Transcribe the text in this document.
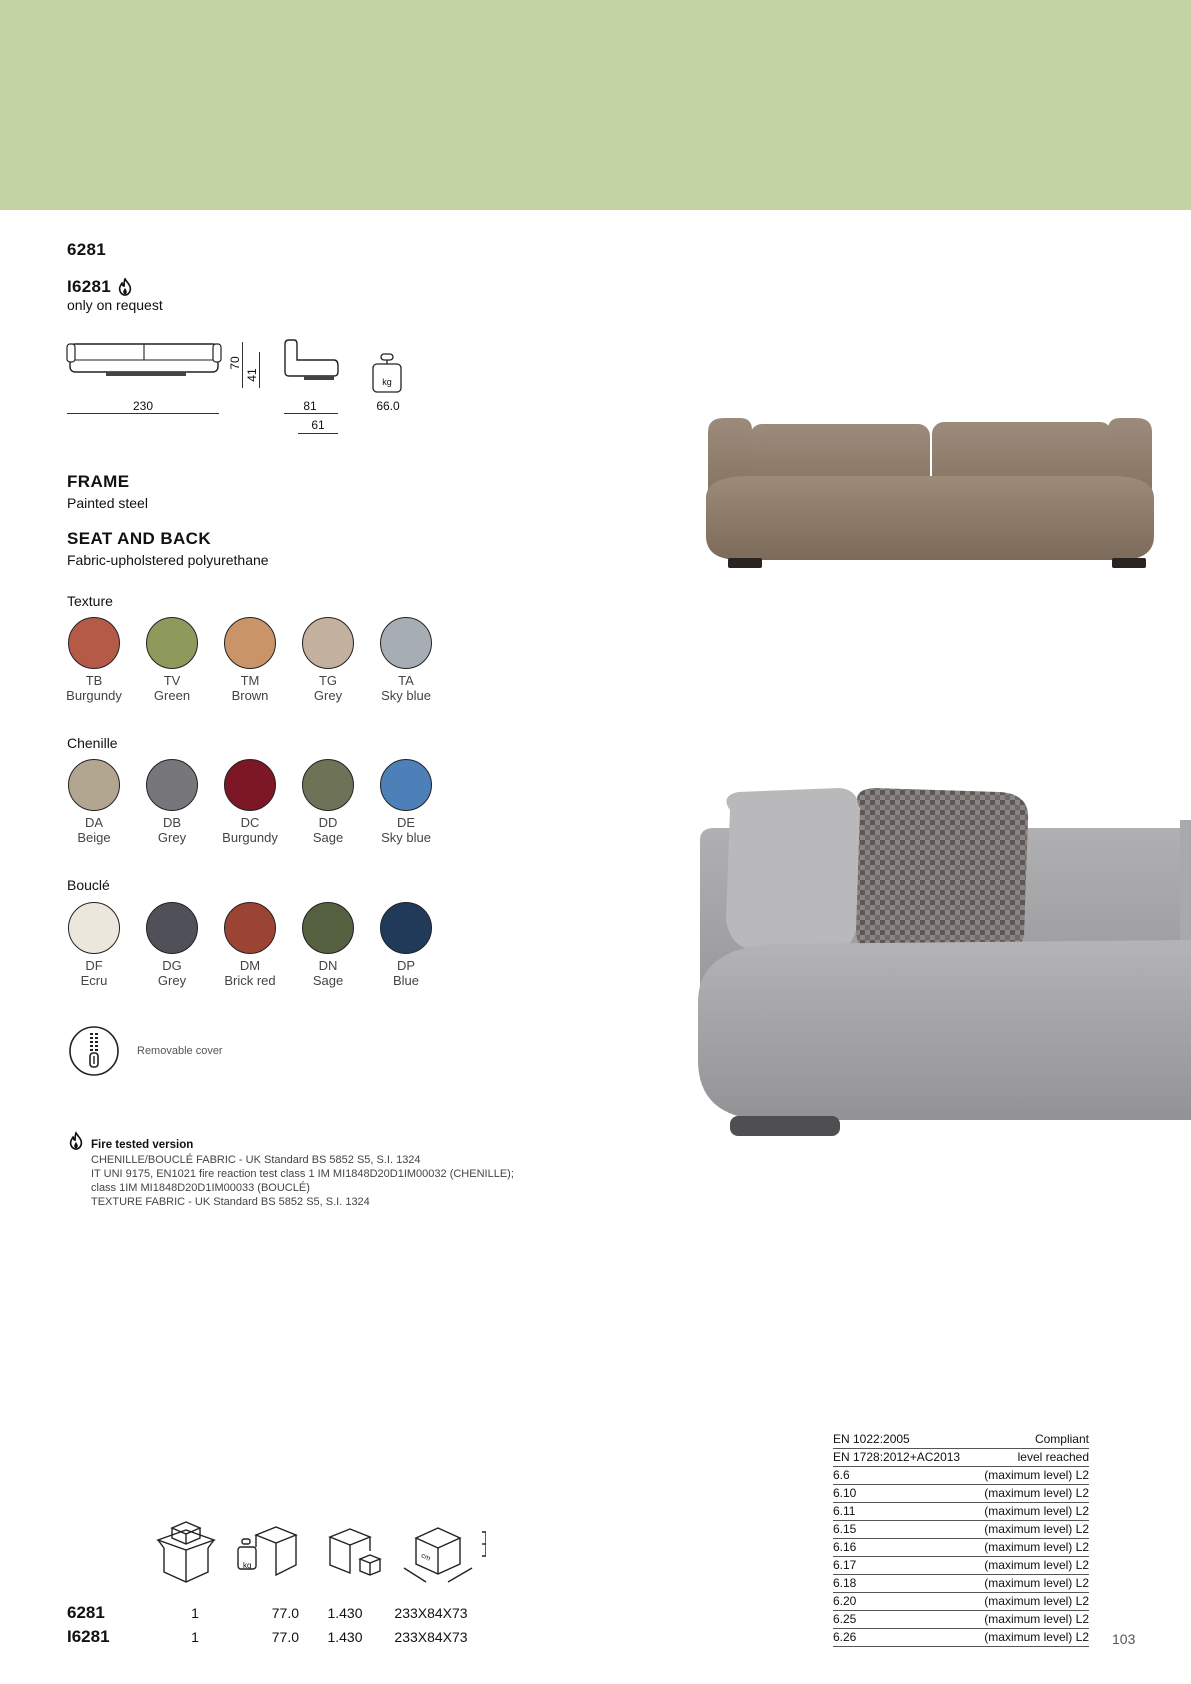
6281
I6281
only on request
230
70
41
81
61
kg
66.0
FRAME
Painted steel
SEAT AND BACK
Fabric-upholstered polyurethane
Texture
TB
Burgundy
TV
Green
TM
Brown
TG
Grey
TA
Sky blue
Chenille
DA
Beige
DB
Grey
DC
Burgundy
DD
Sage
DE
Sky blue
Bouclé
DF
Ecru
DG
Grey
DM
Brick red
DN
Sage
DP
Blue
Removable cover
Fire tested version
CHENILLE/BOUCLÉ FABRIC - UK Standard BS 5852 S5, S.I. 1324
IT UNI 9175, EN1021 fire reaction test class 1 IM MI1848D20D1IM00032 (CHENILLE);
class 1IM MI1848D20D1IM00033 (BOUCLÉ)
TEXTURE FABRIC - UK Standard BS 5852 S5, S.I. 1324
kg
cm
6281	1	77.0	1.430	233X84X73
I6281	1	77.0	1.430	233X84X73
EN 1022:2005	Compliant
EN 1728:2012+AC2013	level reached
6.6	(maximum level) L2
6.10	(maximum level) L2
6.11	(maximum level) L2
6.15	(maximum level) L2
6.16	(maximum level) L2
6.17	(maximum level) L2
6.18	(maximum level) L2
6.20	(maximum level) L2
6.25	(maximum level) L2
6.26	(maximum level) L2 103
